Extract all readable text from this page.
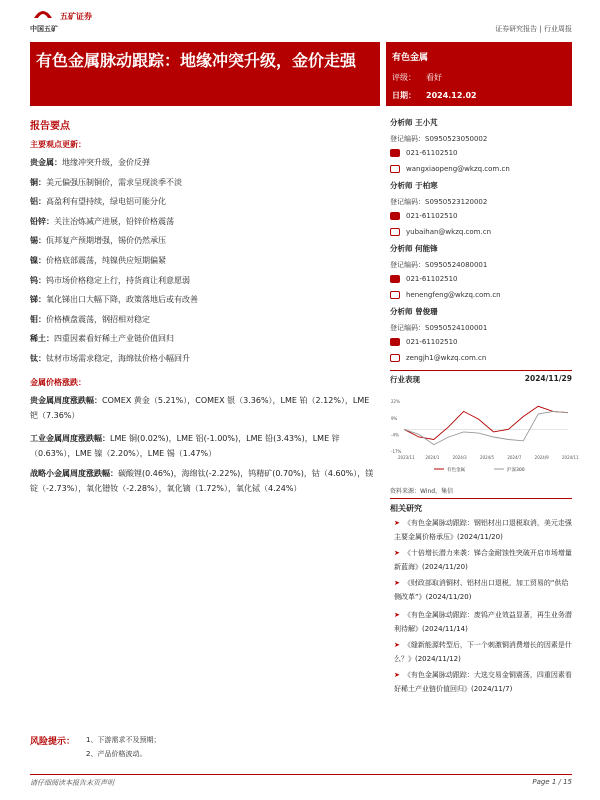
中国五矿
五矿证券
证券研究报告 | 行业周报
有色金属脉动跟踪：地缘冲突升级，金价走强	有色金属
评级： 看好
日期： 2024.12.02
报告要点
主要观点更新：
贵金属：地缘冲突升级，金价反弹
铜：美元偏强压制铜价，需求呈现淡季不淡
铝：高盈利有望持续，绿电铝可能分化
铅锌：关注冶炼减产进展，铅锌价格震荡
锡：佤邦复产预期增强，锡价仍然承压
镍：价格底部震荡，纯镍供应短期偏紧
钨：钨市场价格稳定上行，持货商让利意愿弱
锑：氧化锑出口大幅下降，政策落地后或有改善
钼：价格横盘震荡，钢招相对稳定
稀土：四重因素看好稀土产业链价值回归
钛：钛材市场需求稳定，海绵钛价格小幅回升
金属价格涨跌：
贵金属周度涨跌幅：COMEX 黄金（5.21%），COMEX 银（3.36%），LME 铂（2.12%），LME 钯（7.36%）
工业金属周度涨跌幅：LME 铜(0.02%)，LME 铝(-1.00%)，LME 铅(3.43%)，LME 锌（0.63%），LME 镍（2.20%），LME 锡（1.47%）
战略小金属周度涨跌幅：碳酸锂(0.46%)，海绵钛(-2.22%)，钨精矿(0.70%)，钴（4.60%），镁锭（-2.73%），氧化镨钕（-2.28%），氧化镝（1.72%），氧化铽（4.24%）
风险提示： 1、下游需求不及预期；
2、产品价格波动。
分析师 王小芃
登记编码：S0950523050002
021-61102510
wangxiaopeng@wkzq.com.cn
分析师 于柏寒
登记编码：S0950523120002
021-61102510
yubaihan@wkzq.com.cn
分析师 何能锋
登记编码：S0950524080001
021-61102510
henengfeng@wkzq.com.cn
分析师 曾俊珊
登记编码：S0950524100001
021-61102510
zengjh1@wkzq.com.cn
行业表现	2024/11/29
-17%
-4%
9%
22%
2023/11	2024/1	2024/3	2024/5	2024/7	2024/9	2024/11
有色金属	沪深300
资料来源：Wind，集信
相关研究
➤ 《有色金属脉动跟踪：钢铝材出口退税取消，美元走强主要金属价格承压》(2024/11/20)
➤ 《十倍增长潜力来袭：锑合金耐蚀性突破开启市场增量新蓝海》(2024/11/20)
➤ 《财政部取消铜材、铝材出口退税，加工贸易的“供给侧改革”》(2024/11/20)
➤ 《有色金属脉动跟踪：废钨产业效益显著，再生业务潜利待解》(2024/11/14)
➤ 《缝新能源转型后，下一个刺激铜消费增长的因素是什么？》(2024/11/12)
➤ 《有色金属脉动跟踪：大选交易金铜震荡，四重因素看好稀土产业链价值回归》(2024/11/7)
请仔细阅读本报告末页声明	Page 1 / 15
